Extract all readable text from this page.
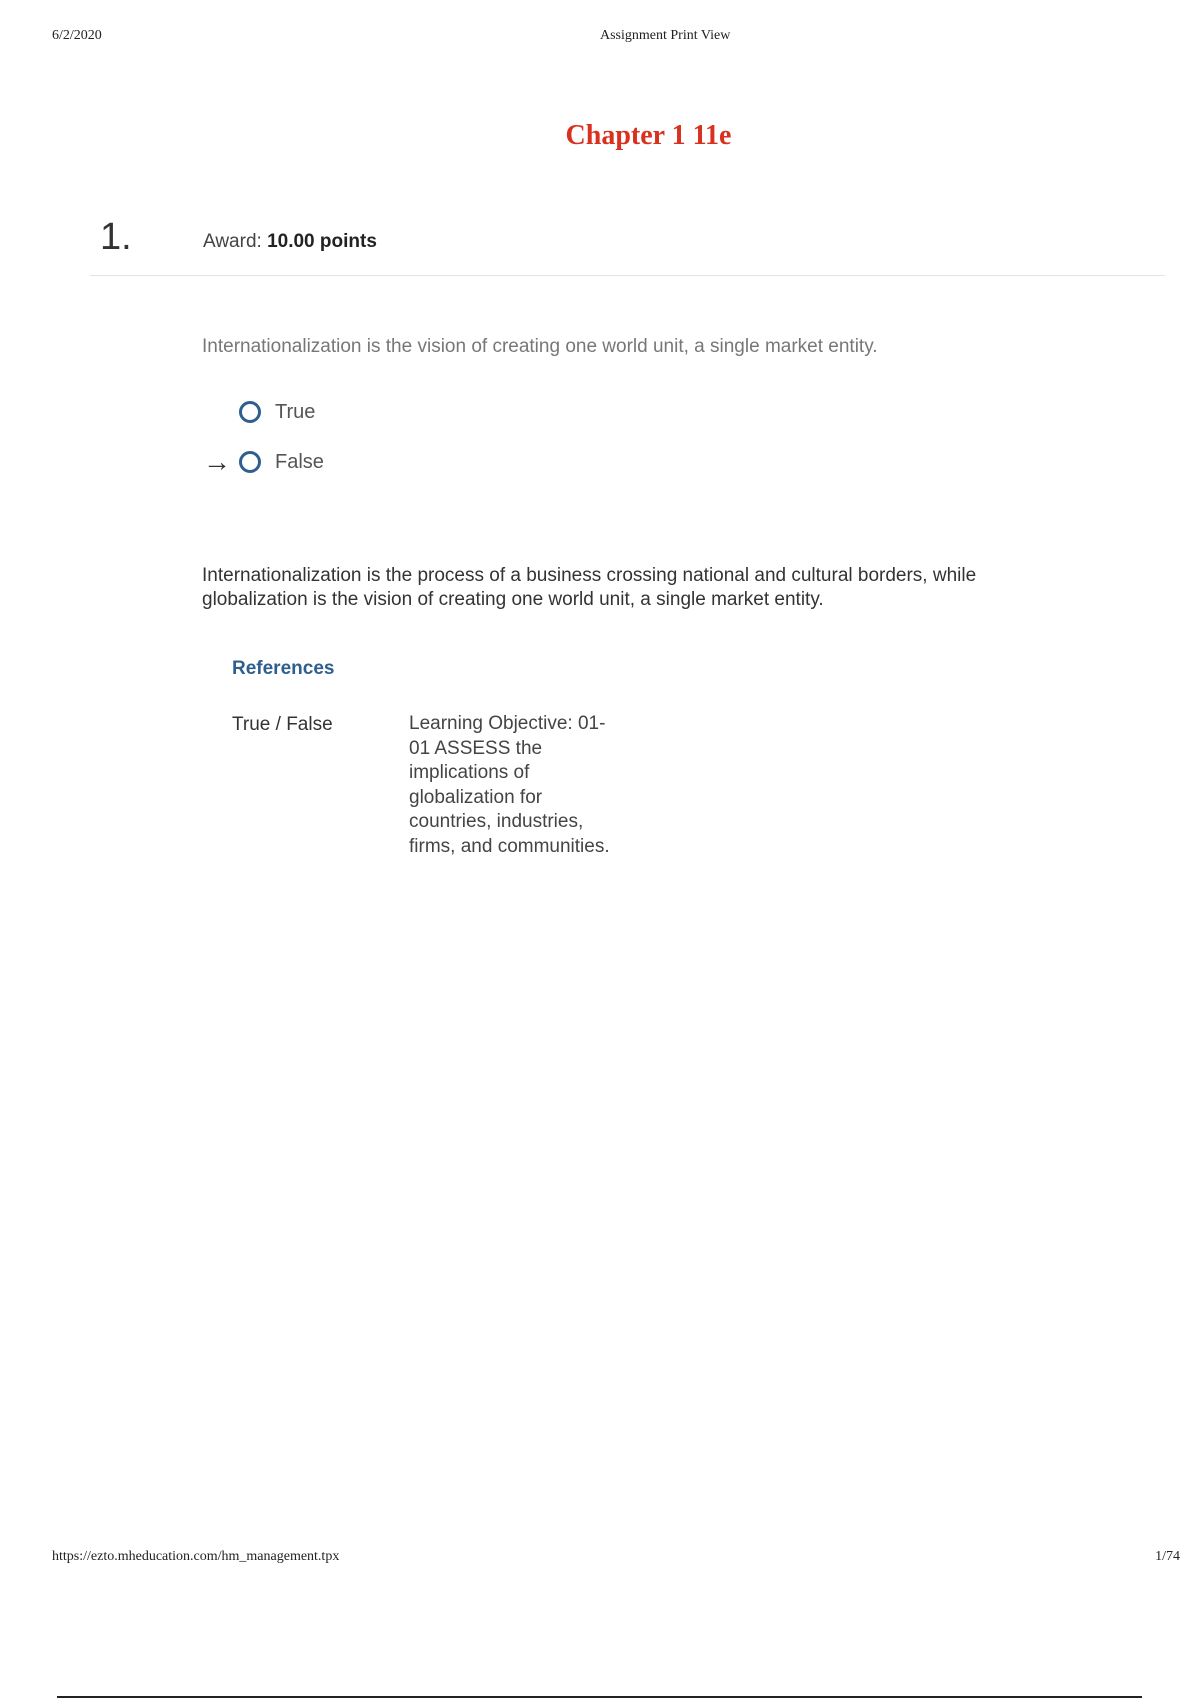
6/2/2020	Assignment Print View
Chapter 1 11e
1.	Award: 10.00 points
Internationalization is the vision of creating one world unit, a single market entity.
True
→	False
Internationalization is the process of a business crossing national and cultural borders, while globalization is the vision of creating one world unit, a single market entity.
References
True / False	Learning Objective: 01-01 ASSESS the implications of globalization for countries, industries, firms, and communities.
https://ezto.mheducation.com/hm_management.tpx	1/74
